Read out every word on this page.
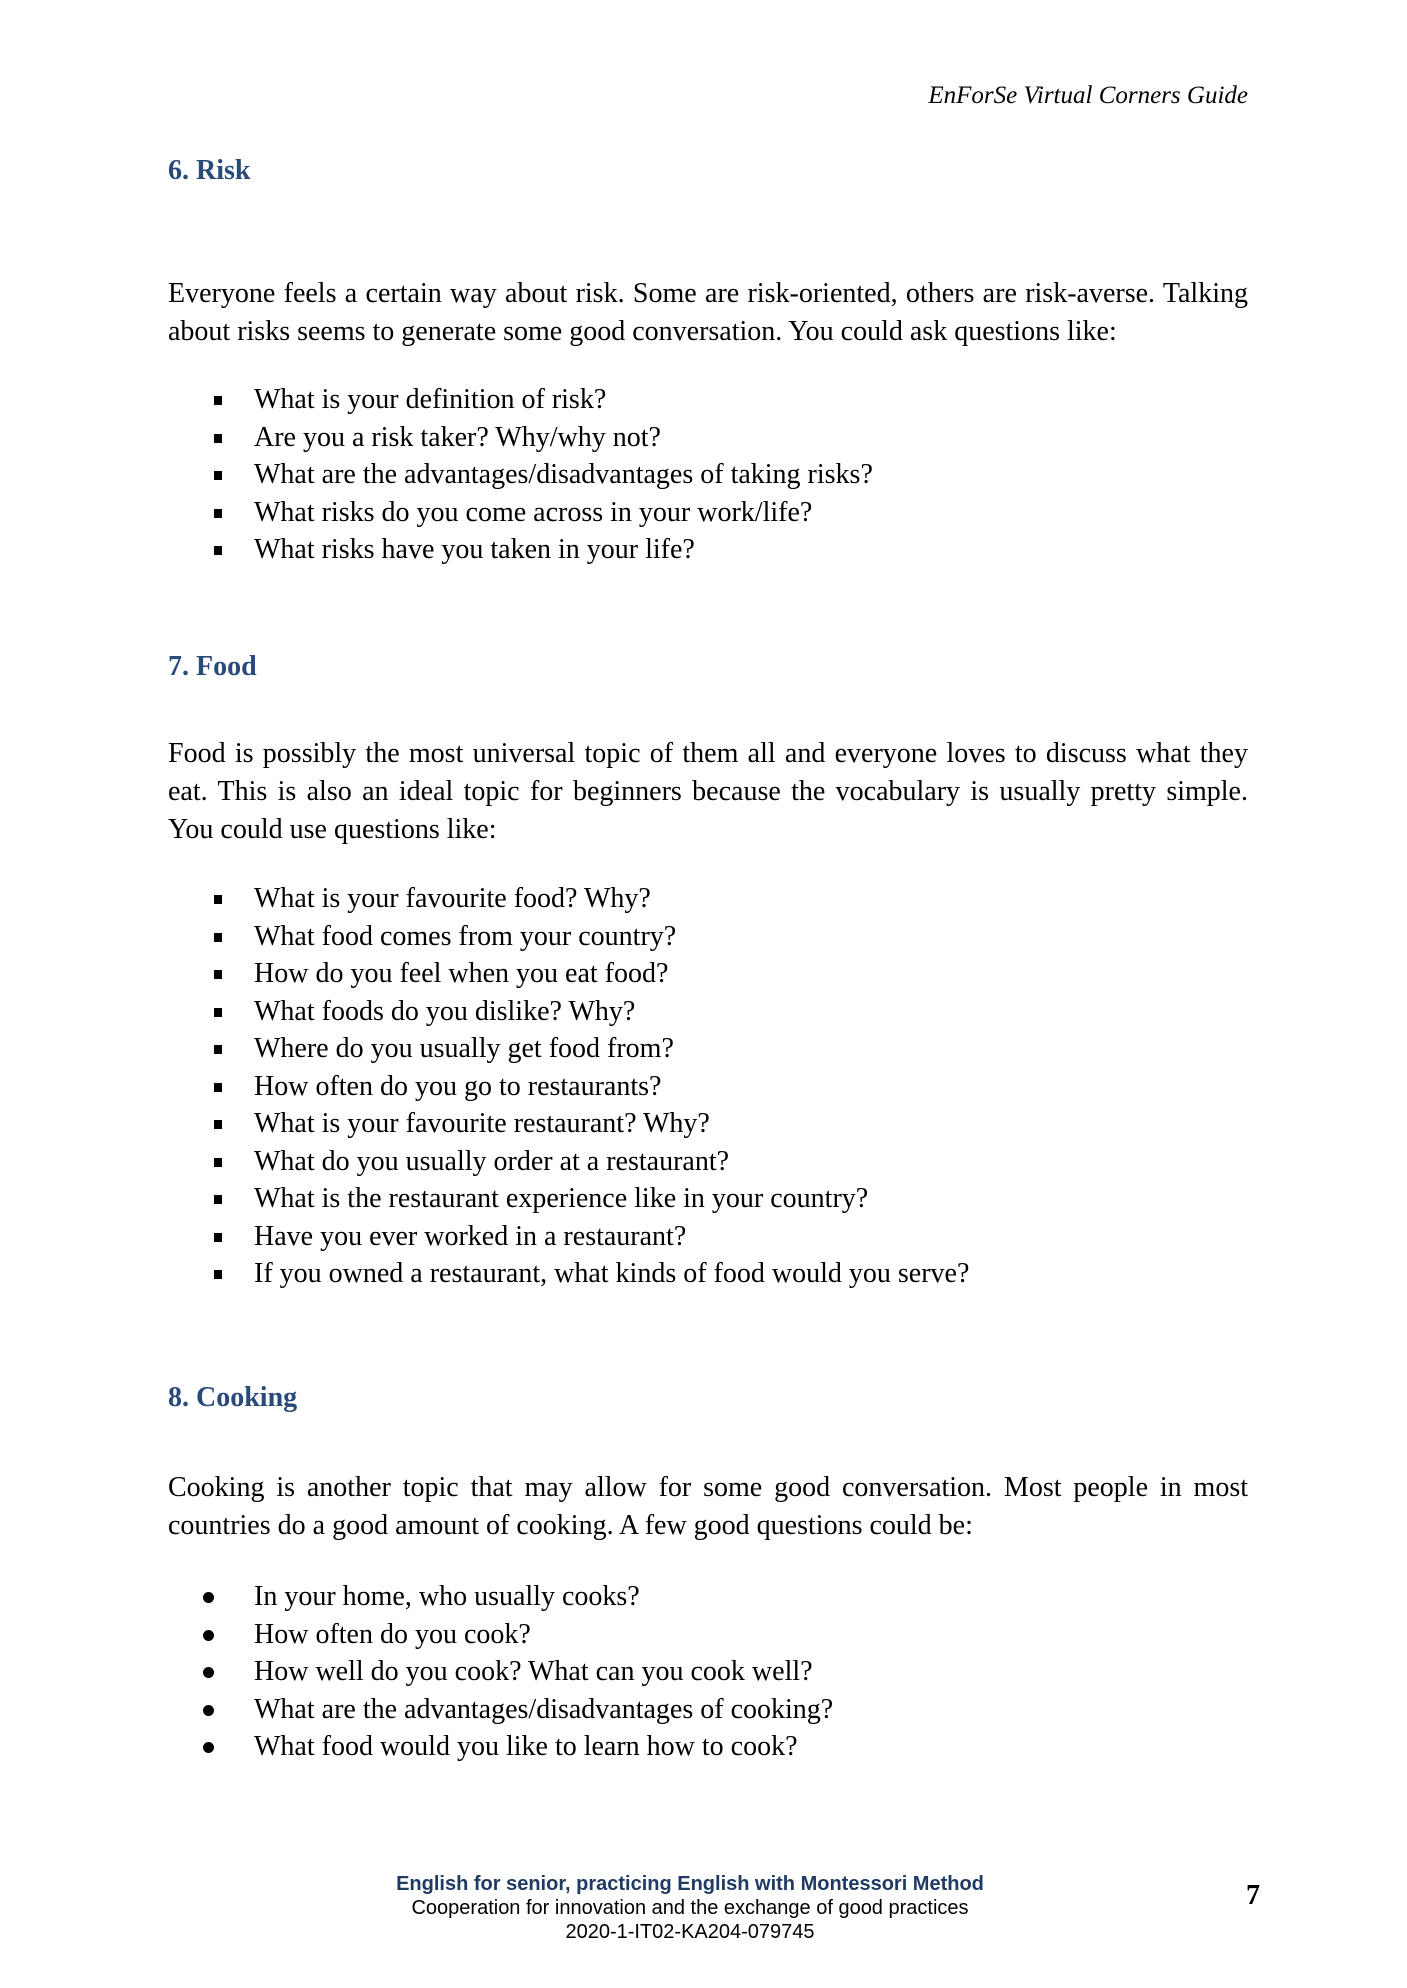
EnForSe Virtual Corners Guide
6. Risk

Everyone feels a certain way about risk. Some are risk-oriented, others are risk-averse. Talking about risks seems to generate some good conversation. You could ask questions like:

What is your definition of risk?
Are you a risk taker? Why/why not?
What are the advantages/disadvantages of taking risks?
What risks do you come across in your work/life?
What risks have you taken in your life?
7. Food

Food is possibly the most universal topic of them all and everyone loves to discuss what they eat. This is also an ideal topic for beginners because the vocabulary is usually pretty simple. You could use questions like:

What is your favourite food? Why?
What food comes from your country?
How do you feel when you eat food?
What foods do you dislike? Why?
Where do you usually get food from?
How often do you go to restaurants?
What is your favourite restaurant? Why?
What do you usually order at a restaurant?
What is the restaurant experience like in your country?
Have you ever worked in a restaurant?
If you owned a restaurant, what kinds of food would you serve?
8. Cooking

Cooking is another topic that may allow for some good conversation. Most people in most countries do a good amount of cooking. A few good questions could be:

In your home, who usually cooks?
How often do you cook?
How well do you cook? What can you cook well?
What are the advantages/disadvantages of cooking?
What food would you like to learn how to cook?
English for senior, practicing English with Montessori Method
Cooperation for innovation and the exchange of good practices
2020-1-IT02-KA204-079745
7
